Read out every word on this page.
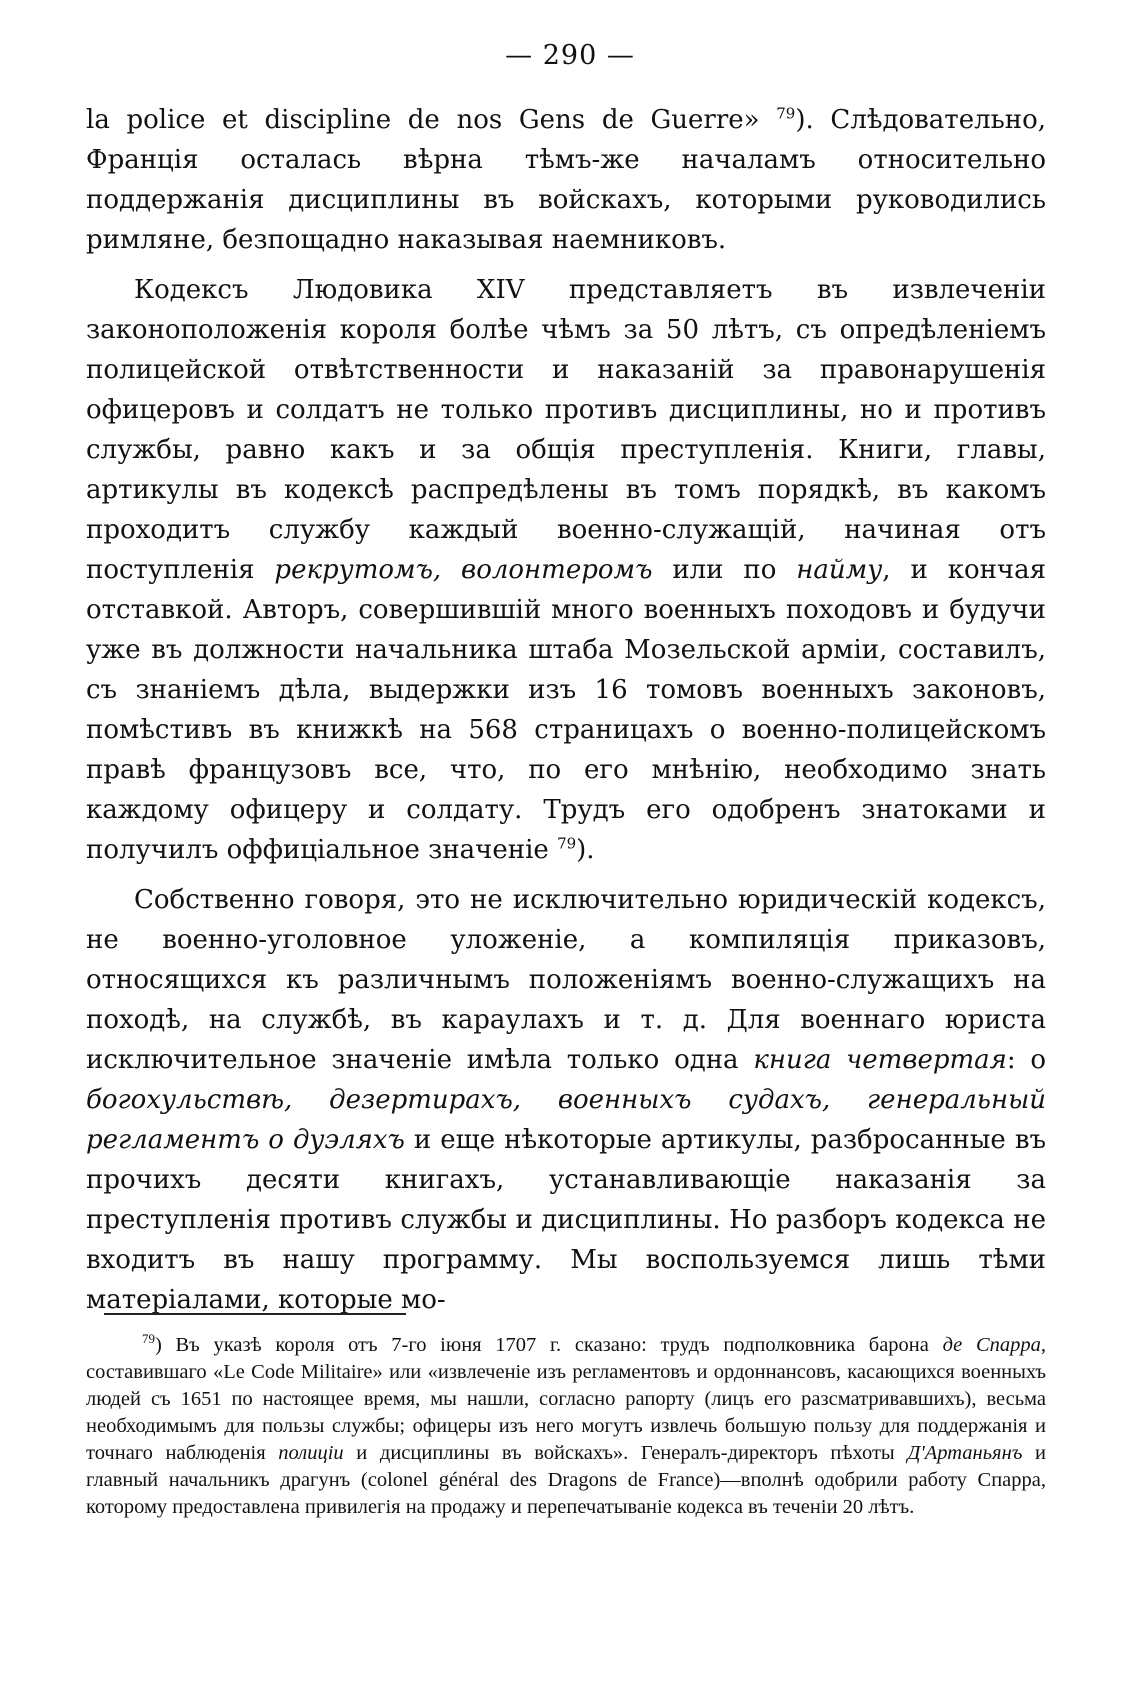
— 290 —

la police et discipline de nos Gens de Guerre» $^{79}$). Слѣдовательно, Франція осталась вѣрна тѣмъ-же началамъ относительно поддержанія дисциплины въ войскахъ, которыми руководились римляне, безпощадно наказывая наемниковъ.

Кодексъ Людовика XIV представляетъ въ извлеченіи законоположенія короля болѣе чѣмъ за 50 лѣтъ, съ опредѣленіемъ полицейской отвѣтственности и наказаній за правонарушенія офицеровъ и солдатъ не только противъ дисциплины, но и противъ службы, равно какъ и за общія преступленія. Книги, главы, артикулы въ кодексѣ распредѣлены въ томъ порядкѣ, въ какомъ проходитъ службу каждый военно-служащій, начиная отъ поступленія рекрутомъ, волонтеромъ или по найму, и кончая отставкой. Авторъ, совершившій много военныхъ походовъ и будучи уже въ должности начальника штаба Мозельской арміи, составилъ, съ знаніемъ дѣла, выдержки изъ 16 томовъ военныхъ законовъ, помѣстивъ въ книжкѣ на 568 страницахъ о военно-полицейскомъ правѣ французовъ все, что, по его мнѣнію, необходимо знать каждому офицеру и солдату. Трудъ его одобренъ знатоками и получилъ оффиціальное значеніе $^{79}$).

Собственно говоря, это не исключительно юридическій кодексъ, не военно-уголовное уложеніе, а компиляція приказовъ, относящихся къ различнымъ положеніямъ военно-служащихъ на походѣ, на службѣ, въ караулахъ и т. д. Для военнаго юриста исключительное значеніе имѣла только одна книга четвертая: о богохульствѣ, дезертирахъ, военныхъ судахъ, генеральный регламентъ о дуэляхъ и еще нѣкоторые артикулы, разбросанные въ прочихъ десяти книгахъ, устанавливающіе наказанія за преступленія противъ службы и дисциплины. Но разборъ кодекса не входитъ въ нашу программу. Мы воспользуемся лишь тѣми матеріалами, которые мо-

$^{79}$) Въ указѣ короля отъ 7-го іюня 1707 г. сказано: трудъ подполковника барона де Спарра, составившаго «Le Code Militaire» или «извлеченіе изъ регламентовъ и ордоннансовъ, касающихся военныхъ людей съ 1651 по настоящее время, мы нашли, согласно рапорту (лицъ его разсматривавшихъ), весьма необходимымъ для пользы службы; офицеры изъ него могутъ извлечь большую пользу для поддержанія и точнаго наблюденія полиціи и дисциплины въ войскахъ». Генералъ-директоръ пѣхоты Д'Артаньянъ и главный начальникъ драгунъ (colonel général des Dragons de France)—вполнѣ одобрили работу Спарра, которому предоставлена привилегія на продажу и перепечатываніе кодекса въ теченіи 20 лѣтъ.
